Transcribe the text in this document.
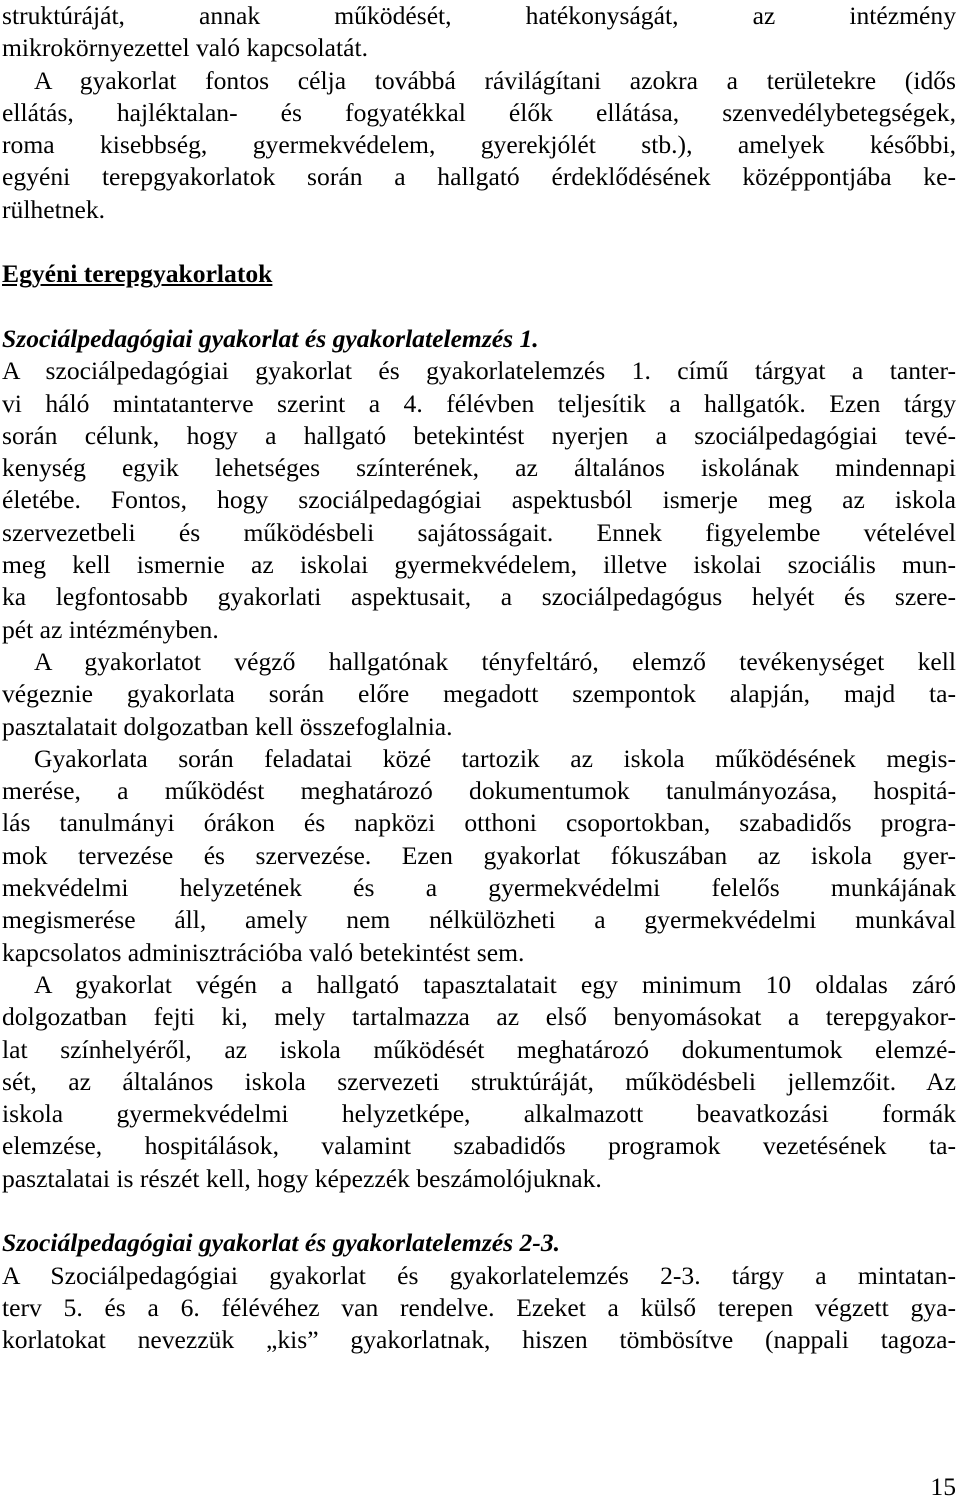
struktúráját, annak működését, hatékonyságát, az intézmény
mikrokörnyezettel való kapcsolatát.
A gyakorlat fontos célja továbbá rávilágítani azokra a területekre (idős
ellátás, hajléktalan- és fogyatékkal élők ellátása, szenvedélybetegségek,
roma kisebbség, gyermekvédelem, gyerekjólét stb.), amelyek későbbi,
egyéni terepgyakorlatok során a hallgató érdeklődésének középpontjába ke-
rülhetnek.
Egyéni terepgyakorlatok
Szociálpedagógiai gyakorlat és gyakorlatelemzés 1.
A szociálpedagógiai gyakorlat és gyakorlatelemzés 1. című tárgyat a tanter-
vi háló mintatanterve szerint a 4. félévben teljesítik a hallgatók. Ezen tárgy
során célunk, hogy a hallgató betekintést nyerjen a szociálpedagógiai tevé-
kenység egyik lehetséges színterének, az általános iskolának mindennapi
életébe. Fontos, hogy szociálpedagógiai aspektusból ismerje meg az iskola
szervezetbeli és működésbeli sajátosságait. Ennek figyelembe vételével
meg kell ismernie az iskolai gyermekvédelem, illetve iskolai szociális mun-
ka legfontosabb gyakorlati aspektusait, a szociálpedagógus helyét és szere-
pét az intézményben.
A gyakorlatot végző hallgatónak tényfeltáró, elemző tevékenységet kell
végeznie gyakorlata során előre megadott szempontok alapján, majd ta-
pasztalatait dolgozatban kell összefoglalnia.
Gyakorlata során feladatai közé tartozik az iskola működésének megis-
merése, a működést meghatározó dokumentumok tanulmányozása, hospitá-
lás tanulmányi órákon és napközi otthoni csoportokban, szabadidős progra-
mok tervezése és szervezése. Ezen gyakorlat fókuszában az iskola gyer-
mekvédelmi helyzetének és a gyermekvédelmi felelős munkájának
megismerése áll, amely nem nélkülözheti a gyermekvédelmi munkával
kapcsolatos adminisztrációba való betekintést sem.
A gyakorlat végén a hallgató tapasztalatait egy minimum 10 oldalas záró
dolgozatban fejti ki, mely tartalmazza az első benyomásokat a terepgyakor-
lat színhelyéről, az iskola működését meghatározó dokumentumok elemzé-
sét, az általános iskola szervezeti struktúráját, működésbeli jellemzőit. Az
iskola gyermekvédelmi helyzetképe, alkalmazott beavatkozási formák
elemzése, hospitálások, valamint szabadidős programok vezetésének ta-
pasztalatai is részét kell, hogy képezzék beszámolójuknak.
Szociálpedagógiai gyakorlat és gyakorlatelemzés 2-3.
A Szociálpedagógiai gyakorlat és gyakorlatelemzés 2-3. tárgy a mintatan-
terv 5. és a 6. félévéhez van rendelve. Ezeket a külső terepen végzett gya-
korlatokat nevezzük „kis” gyakorlatnak, hiszen tömbösítve (nappali tagoza-
15
